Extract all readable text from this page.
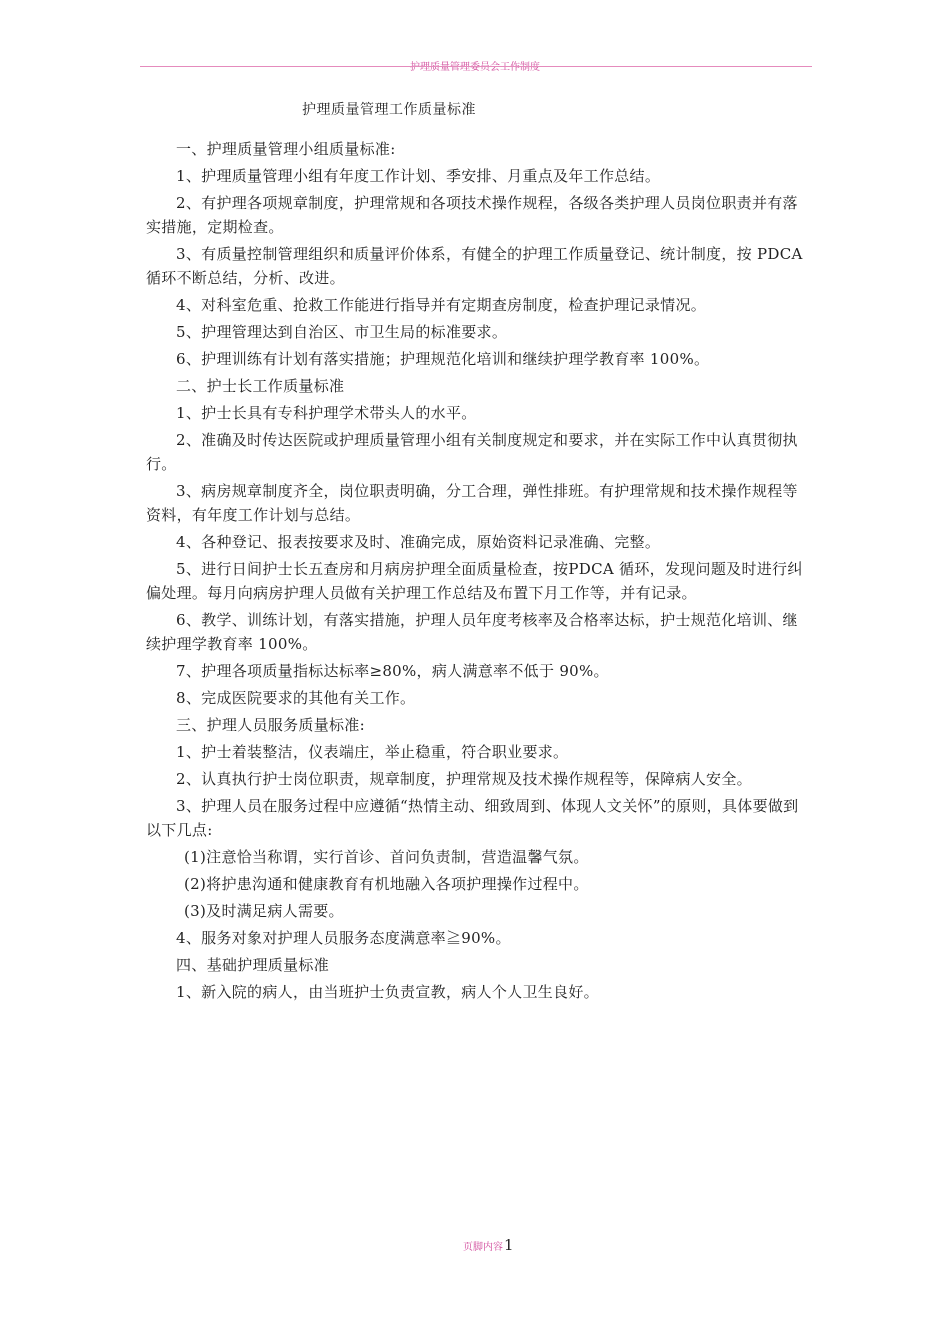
护理质量管理委员会工作制度
护理质量管理工作质量标准

一、护理质量管理小组质量标准:

1、护理质量管理小组有年度工作计划、季安排、月重点及年工作总结。

2、有护理各项规章制度，护理常规和各项技术操作规程，各级各类护理人员岗位职责并有落实措施，定期检查。

3、有质量控制管理组织和质量评价体系，有健全的护理工作质量登记、统计制度，按 PDCA 循环不断总结，分析、改进。

4、对科室危重、抢救工作能进行指导并有定期查房制度，检查护理记录情况。

5、护理管理达到自治区、市卫生局的标准要求。

6、护理训练有计划有落实措施；护理规范化培训和继续护理学教育率 100%。

二、护士长工作质量标准

1、护士长具有专科护理学术带头人的水平。

2、准确及时传达医院或护理质量管理小组有关制度规定和要求，并在实际工作中认真贯彻执行。

3、病房规章制度齐全，岗位职责明确，分工合理，弹性排班。有护理常规和技术操作规程等资料，有年度工作计划与总结。

4、各种登记、报表按要求及时、准确完成，原始资料记录准确、完整。

5、进行日间护士长五查房和月病房护理全面质量检查，按PDCA 循环，发现问题及时进行纠偏处理。每月向病房护理人员做有关护理工作总结及布置下月工作等，并有记录。

6、教学、训练计划，有落实措施，护理人员年度考核率及合格率达标，护士规范化培训、继续护理学教育率 100%。

7、护理各项质量指标达标率≥80%，病人满意率不低于 90%。

8、完成医院要求的其他有关工作。

三、护理人员服务质量标准:

1、护士着装整洁，仪表端庄，举止稳重，符合职业要求。

2、认真执行护士岗位职责，规章制度，护理常规及技术操作规程等，保障病人安全。

3、护理人员在服务过程中应遵循“热情主动、细致周到、体现人文关怀”的原则，具体要做到以下几点:

(1)注意恰当称谓，实行首诊、首问负责制，营造温馨气氛。

(2)将护患沟通和健康教育有机地融入各项护理操作过程中。

(3)及时满足病人需要。

4、服务对象对护理人员服务态度满意率≧90%。

四、基础护理质量标准

1、新入院的病人，由当班护士负责宣教，病人个人卫生良好。

页脚内容1
